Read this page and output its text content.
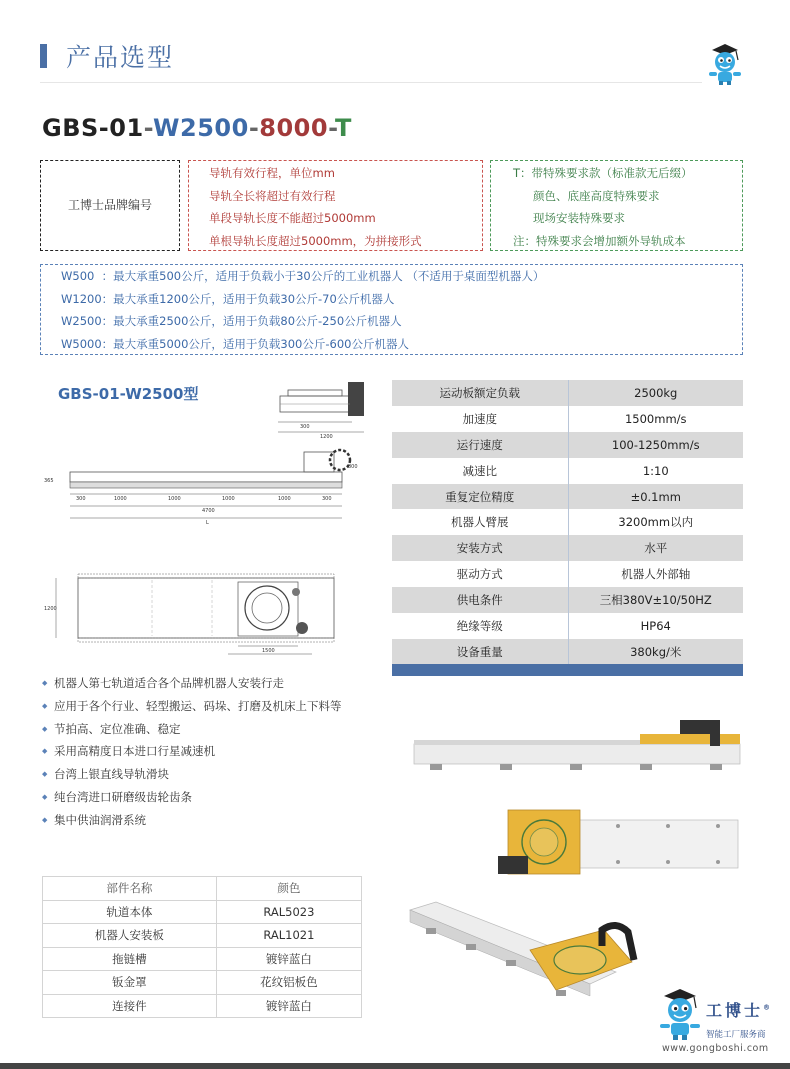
产品选型
GBS-01-W2500-8000-T
工博士品牌编号
导轨有效行程，单位mm
导轨全长将超过有效行程
单段导轨长度不能超过5000mm
单根导轨长度超过5000mm，为拼接形式
T：带特殊要求款（标准款无后缀）
颜色、底座高度特殊要求
现场安装特殊要求
注：特殊要求会增加额外导轨成本
W500  ：最大承重500公斤，适用于负载小于30公斤的工业机器人 （不适用于桌面型机器人）
W1200：最大承重1200公斤，适用于负载30公斤-70公斤机器人
W2500：最大承重2500公斤，适用于负载80公斤-250公斤机器人
W5000：最大承重5000公斤，适用于负载300公斤-600公斤机器人
GBS-01-W2500型
300
1200
300	1000	1000	1000	1000	300
4700
L
365
800
1200
1500
运动板额定负载	2500kg
加速度	1500mm/s
运行速度	100-1250mm/s
减速比	1:10
重复定位精度	±0.1mm
机器人臂展	3200mm以内
安装方式	水平
驱动方式	机器人外部轴
供电条件	三相380V±10/50HZ
绝缘等级	HP64
设备重量	380kg/米
◆ 机器人第七轨道适合各个品牌机器人安装行走
◆ 应用于各个行业、轻型搬运、码垛、打磨及机床上下料等
◆ 节拍高、定位准确、稳定
◆ 采用高精度日本进口行星减速机
◆ 台湾上银直线导轨滑块
◆ 纯台湾进口研磨级齿轮齿条
◆ 集中供油润滑系统
部件名称	颜色
轨道本体	RAL5023
机器人安装板	RAL1021
拖链槽	镀锌蓝白
钣金罩	花纹铝板色
连接件	镀锌蓝白	工博士®
智能工厂服务商
www.gongboshi.com
